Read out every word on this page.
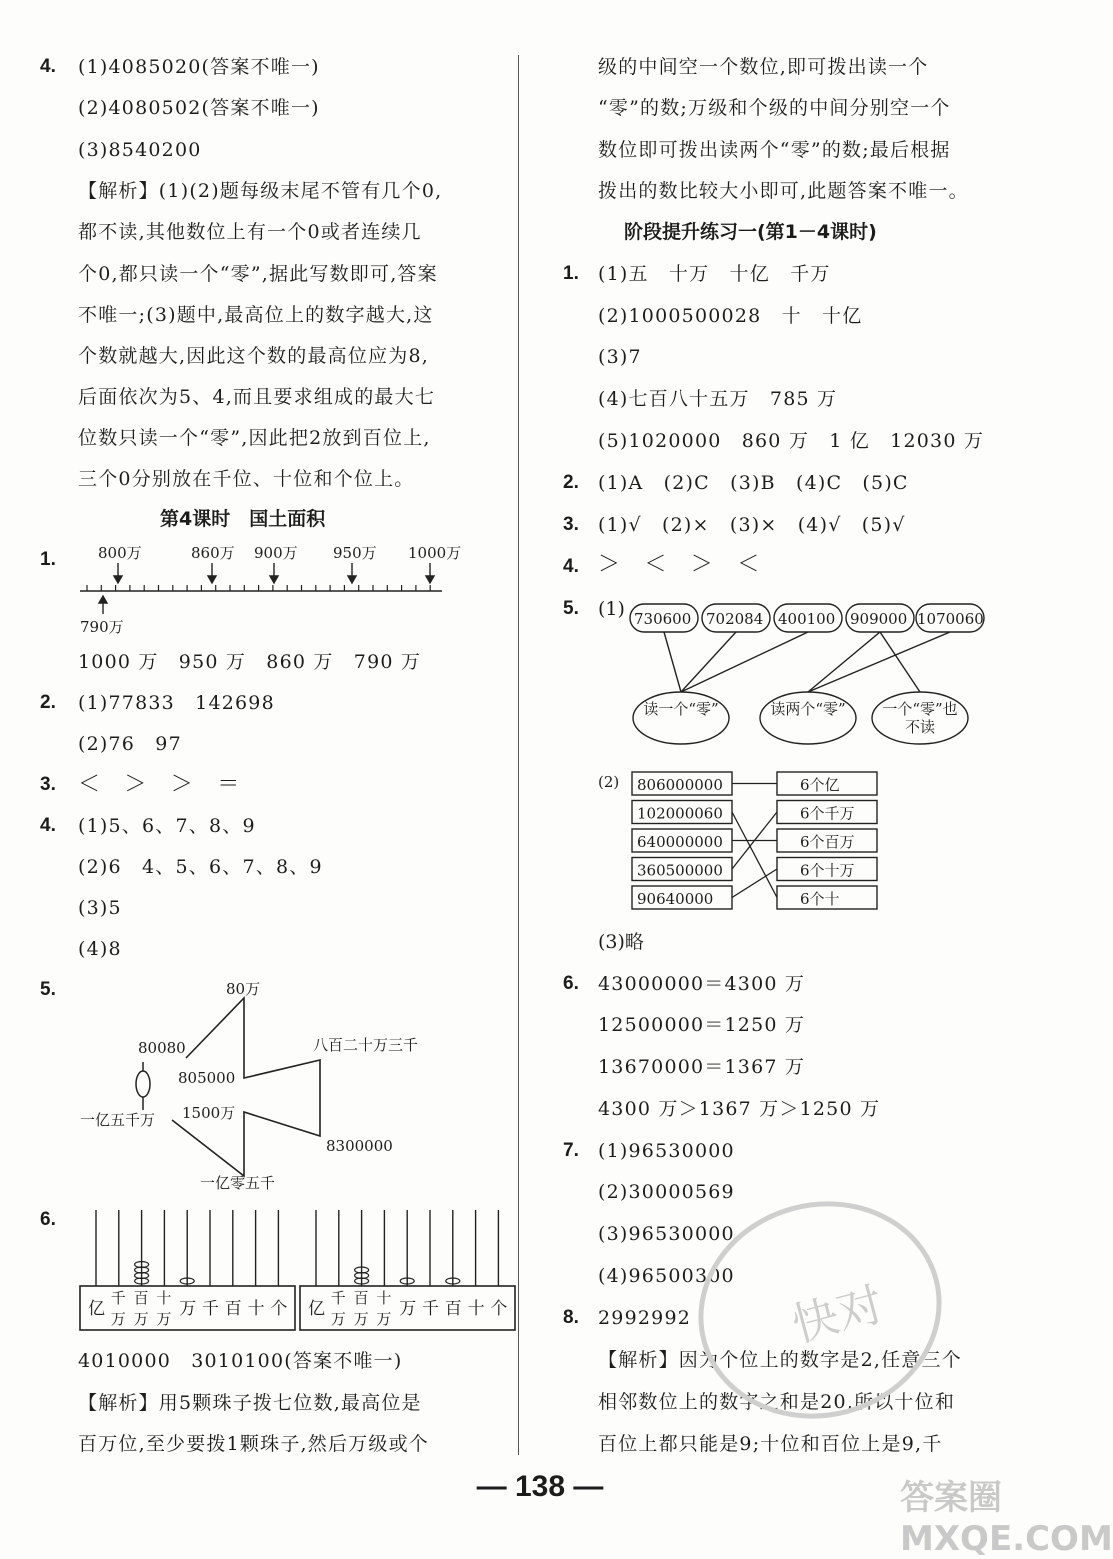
4. (1)4085020(答案不唯一)
(2)4080502(答案不唯一)
(3)8540200
【解析】(1)(2)题每级末尾不管有几个0,
都不读,其他数位上有一个0或者连续几
个0,都只读一个“零”,据此写数即可,答案
不唯一;(3)题中,最高位上的数字越大,这
个数就越大,因此这个数的最高位应为8,
后面依次为5、4,而且要求组成的最大七
位数只读一个“零”,因此把2放到百位上,
三个0分别放在千位、十位和个位上。
第4课时　国土面积
1.	800万	860万 900万 950万 1000万
790万
1000 万　950 万　860 万　790 万
2. (1)77833　142698
(2)76　97
3. ＜　＞　＞　＝
4. (1)5、6、7、8、9
(2)6　4、5、6、7、8、9
(3)5
(4)8
5.	80万
80080
805000
八百二十万三千
一亿五千万 1500万
8300000
一亿零五千
6.
亿
千
万
百
万
十
万 万 千 百 十 个 亿
千
万
百
万
十
万 万 千 百 十 个
4010000　3010100(答案不唯一)
【解析】用5颗珠子拨七位数,最高位是
百万位,至少要拨1颗珠子,然后万级或个
级的中间空一个数位,即可拨出读一个
“零”的数;万级和个级的中间分别空一个
数位即可拨出读两个“零”的数;最后根据
拨出的数比较大小即可,此题答案不唯一。
阶段提升练习一(第1－4课时)
1. (1)五　十万　十亿　千万
(2)1000500028　十　十亿
(3)7
(4)七百八十五万　785 万
(5)1020000　860 万　1 亿　12030 万
2. (1)A　(2)C　(3)B　(4)C　(5)C
3. (1)√　(2)×　(3)×　(4)√　(5)√
4. ＞　＜　＞　＜
5. (1) 730600 702084 400100 909000 1070060
读一个“零”	读两个“零” 一个“零”也不读
(2) 806000000
102000060
640000000
360500000
90640000
6个亿
6个千万
6个百万
6个十万
6个十
(3)略
6. 43000000＝4300 万
12500000＝1250 万
13670000＝1367 万
4300 万＞1367 万＞1250 万
7. (1)96530000
(2)30000569
(3)96530000
(4)96500300
8. 2992992
【解析】因为个位上的数字是2,任意三个
相邻数位上的数字之和是20,所以十位和
百位上都只能是9;十位和百位上是9,千
快对
— 138 —	答案圈 MXQE.COM
